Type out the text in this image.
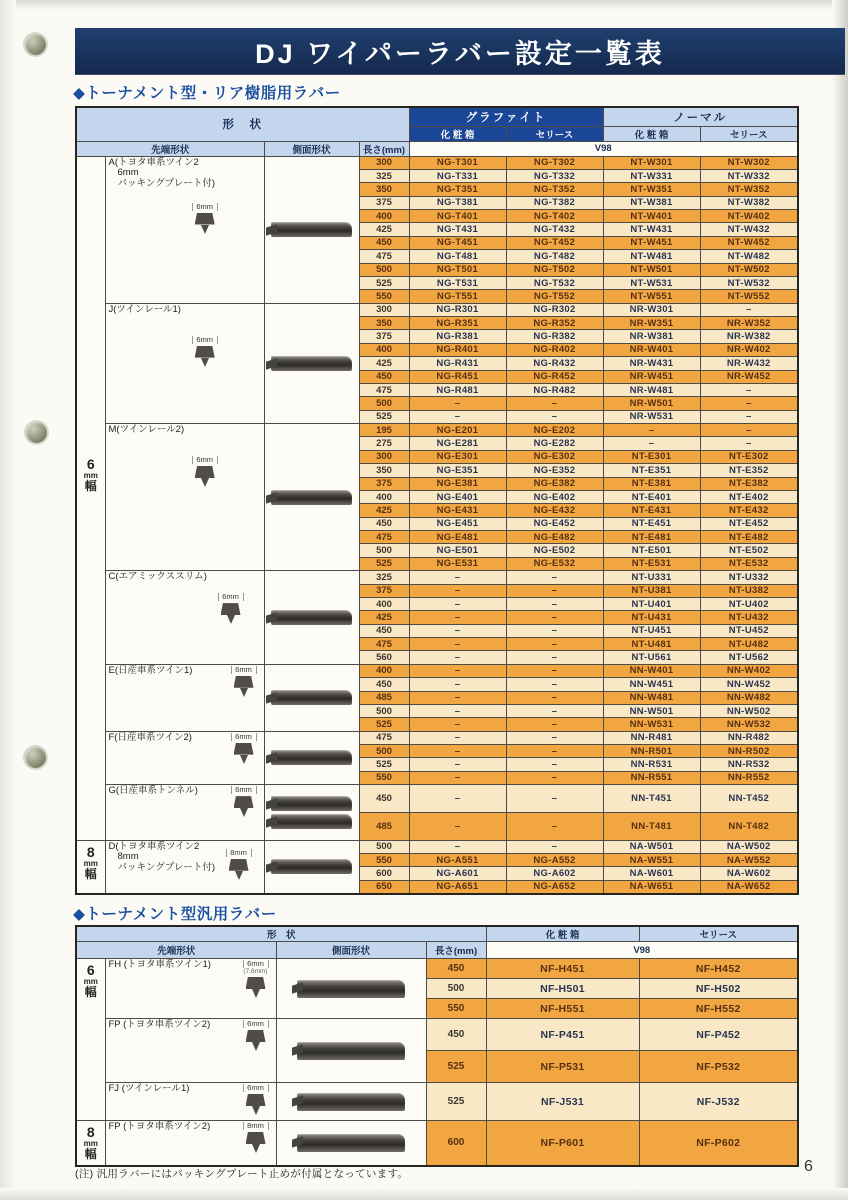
DJ ワイパーラバー設定一覧表
◆トーナメント型・リア樹脂用ラバー
形　状				グラファイト		ノーマル	
				化 粧 箱	セリース	化 粧 箱	セリース
先端形状		側面形状	長さ(mm)	V98			

6
mm
幅

A(トヨタ車系ツイン2
6mm
パッキングプレート付)
6mm

	300	NG-T301	NG-T302	NT-W301	NT-W302
			325	NG-T331	NG-T332	NT-W331	NT-W332
			350	NG-T351	NG-T352	NT-W351	NT-W352
			375	NG-T381	NG-T382	NT-W381	NT-W382
			400	NG-T401	NG-T402	NT-W401	NT-W402
			425	NG-T431	NG-T432	NT-W431	NT-W432
			450	NG-T451	NG-T452	NT-W451	NT-W452
			475	NG-T481	NG-T482	NT-W481	NT-W482
			500	NG-T501	NG-T502	NT-W501	NT-W502
			525	NG-T531	NG-T532	NT-W531	NT-W532
			550	NG-T551	NG-T552	NT-W551	NT-W552

	J(ツインレール1)
6mm		300	NG-R301	NG-R302	NR-W301	–
			350	NG-R351	NG-R352	NR-W351	NR-W352
			375	NG-R381	NG-R382	NR-W381	NR-W382
			400	NG-R401	NG-R402	NR-W401	NR-W402
			425	NG-R431	NG-R432	NR-W431	NR-W432
			450	NG-R451	NG-R452	NR-W451	NR-W452
			475	NG-R481	NG-R482	NR-W481	–
			500	–	–	NR-W501	–
			525	–	–	NR-W531	–

	M(ツインレール2)
6mm		195	NG-E201	NG-E202	–	–
			275	NG-E281	NG-E282	–	–
			300	NG-E301	NG-E302	NT-E301	NT-E302
			350	NG-E351	NG-E352	NT-E351	NT-E352
			375	NG-E381	NG-E382	NT-E381	NT-E382
			400	NG-E401	NG-E402	NT-E401	NT-E402
			425	NG-E431	NG-E432	NT-E431	NT-E432
			450	NG-E451	NG-E452	NT-E451	NT-E452
			475	NG-E481	NG-E482	NT-E481	NT-E482
			500	NG-E501	NG-E502	NT-E501	NT-E502
			525	NG-E531	NG-E532	NT-E531	NT-E532

	C(エアミックススリム)
6mm		325	–	–	NT-U331	NT-U332
			375	–	–	NT-U381	NT-U382
			400	–	–	NT-U401	NT-U402
			425	–	–	NT-U431	NT-U432
			450	–	–	NT-U451	NT-U452
			475	–	–	NT-U481	NT-U482
			560	–	–	NT-U561	NT-U562

	E(日産車系ツイン1) 6mm		400	–	–	NN-W401	NN-W402
			450	–	–	NN-W451	NN-W452
			485	–	–	NN-W481	NN-W482
			500	–	–	NN-W501	NN-W502
			525	–	–	NN-W531	NN-W532

	F(日産車系ツイン2) 6mm		475	–	–	NN-R481	NN-R482
			500	–	–	NN-R501	NN-R502
			525	–	–	NN-R531	NN-R532
			550	–	–	NN-R551	NN-R552

	G(日産車系トンネル) 6mm		450	–	–	NN-T451	NN-T452
			485	–	–	NN-T481	NN-T482

8
mm
幅

D(トヨタ車系ツイン2
8mm
パッキングプレート付)
8mm		500	–	–	NA-W501	NA-W502
			550	NG-A551	NG-A552	NA-W551	NA-W552
			600	NG-A601	NG-A602	NA-W601	NA-W602
			650	NG-A651	NG-A652	NA-W651	NA-W652
◆トーナメント型汎用ラバー
形　状				化 粧 箱	セリース
先端形状		側面形状	長さ(mm)	V98	

6
mm
幅

FH (トヨタ車系ツイン1)	6mm
(7.6mm)		450	NF-H451	NF-H452
			500	NF-H501	NF-H502
			550	NF-H551	NF-H552

	FP (トヨタ車系ツイン2) 6mm		450	NF-P451	NF-P452
			525	NF-P531	NF-P532

	FJ (ツインレール1) 6mm		525	NF-J531	NF-J532

8
mm
幅

FP (トヨタ車系ツイン2)	8mm

	600	NF-P601	NF-P602
(注) 汎用ラバーにはパッキングプレート止めが付属となっています。	6
